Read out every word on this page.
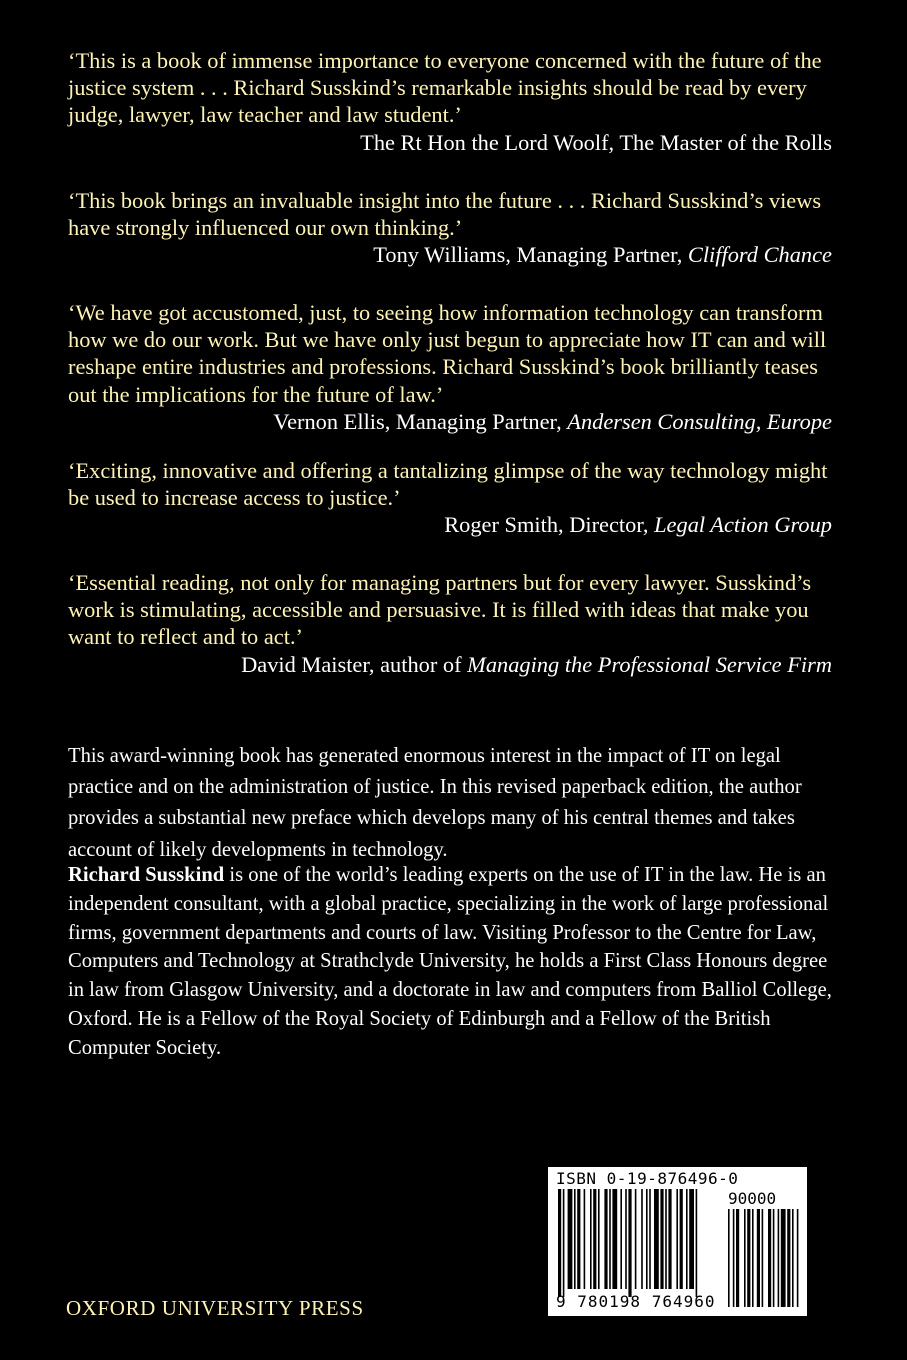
‘This is a book of immense importance to everyone concerned with the future of the justice system . . . Richard Susskind’s remarkable insights should be read by every judge, lawyer, law teacher and law student.’

The Rt Hon the Lord Woolf, The Master of the Rolls

‘This book brings an invaluable insight into the future . . . Richard Susskind’s views have strongly influenced our own thinking.’

Tony Williams, Managing Partner, Clifford Chance

‘We have got accustomed, just, to seeing how information technology can transform how we do our work. But we have only just begun to appreciate how IT can and will reshape entire industries and professions. Richard Susskind’s book brilliantly teases out the implications for the future of law.’

Vernon Ellis, Managing Partner, Andersen Consulting, Europe

‘Exciting, innovative and offering a tantalizing glimpse of the way technology might be used to increase access to justice.’

Roger Smith, Director, Legal Action Group

‘Essential reading, not only for managing partners but for every lawyer. Susskind’s work is stimulating, accessible and persuasive. It is filled with ideas that make you want to reflect and to act.’

David Maister, author of Managing the Professional Service Firm

This award-winning book has generated enormous interest in the impact of IT on legal practice and on the administration of justice. In this revised paperback edition, the author provides a substantial new preface which develops many of his central themes and takes account of likely developments in technology.

Richard Susskind is one of the world’s leading experts on the use of IT in the law. He is an independent consultant, with a global practice, specializing in the work of large professional firms, government departments and courts of law. Visiting Professor to the Centre for Law, Computers and Technology at Strathclyde University, he holds a First Class Honours degree in law from Glasgow University, and a doctorate in law and computers from Balliol College, Oxford. He is a Fellow of the Royal Society of Edinburgh and a Fellow of the British Computer Society.

OXFORD UNIVERSITY PRESS

ISBN 0-19-876496-0
90000
9 780198 764960
